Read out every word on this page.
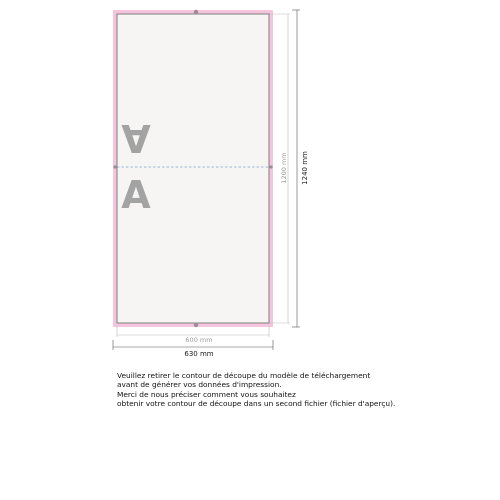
A
A
1200 mm 1240 mm
600 mm
630 mm
Veuillez retirer le contour de découpe du modèle de téléchargement
avant de générer vos données d'impression.
Merci de nous préciser comment vous souhaitez
obtenir votre contour de découpe dans un second fichier (fichier d'aperçu).
